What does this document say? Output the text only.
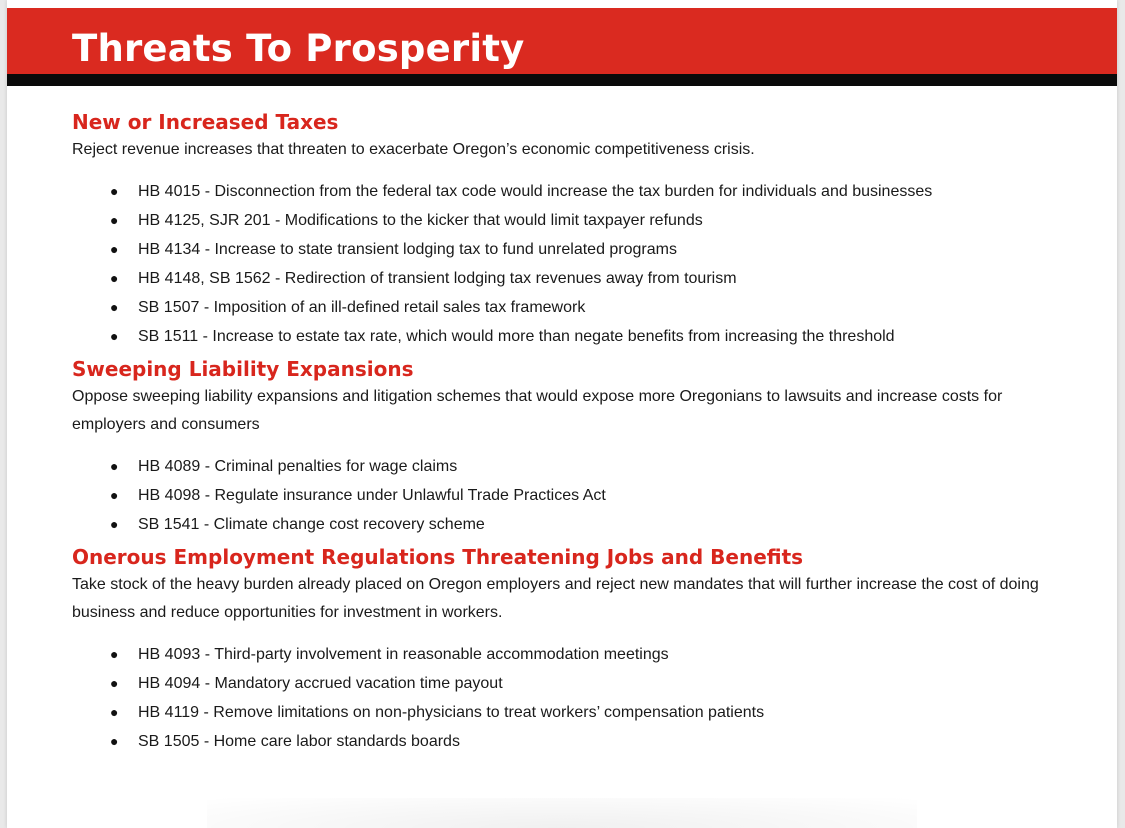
Threats To Prosperity
New or Increased Taxes

Reject revenue increases that threaten to exacerbate Oregon’s economic competitiveness crisis.

● HB 4015 - Disconnection from the federal tax code would increase the tax burden for individuals and businesses
● HB 4125, SJR 201 - Modifications to the kicker that would limit taxpayer refunds
● HB 4134 - Increase to state transient lodging tax to fund unrelated programs
● HB 4148, SB 1562 - Redirection of transient lodging tax revenues away from tourism
● SB 1507 - Imposition of an ill-defined retail sales tax framework
● SB 1511 - Increase to estate tax rate, which would more than negate benefits from increasing the threshold
Sweeping Liability Expansions

Oppose sweeping liability expansions and litigation schemes that would expose more Oregonians to lawsuits and increase costs for employers and consumers

● HB 4089 - Criminal penalties for wage claims
● HB 4098 - Regulate insurance under Unlawful Trade Practices Act
● SB 1541 - Climate change cost recovery scheme
Onerous Employment Regulations Threatening Jobs and Benefits

Take stock of the heavy burden already placed on Oregon employers and reject new mandates that will further increase the cost of doing business and reduce opportunities for investment in workers.

● HB 4093 - Third-party involvement in reasonable accommodation meetings
● HB 4094 - Mandatory accrued vacation time payout
● HB 4119 - Remove limitations on non-physicians to treat workers’ compensation patients
● SB 1505 - Home care labor standards boards
